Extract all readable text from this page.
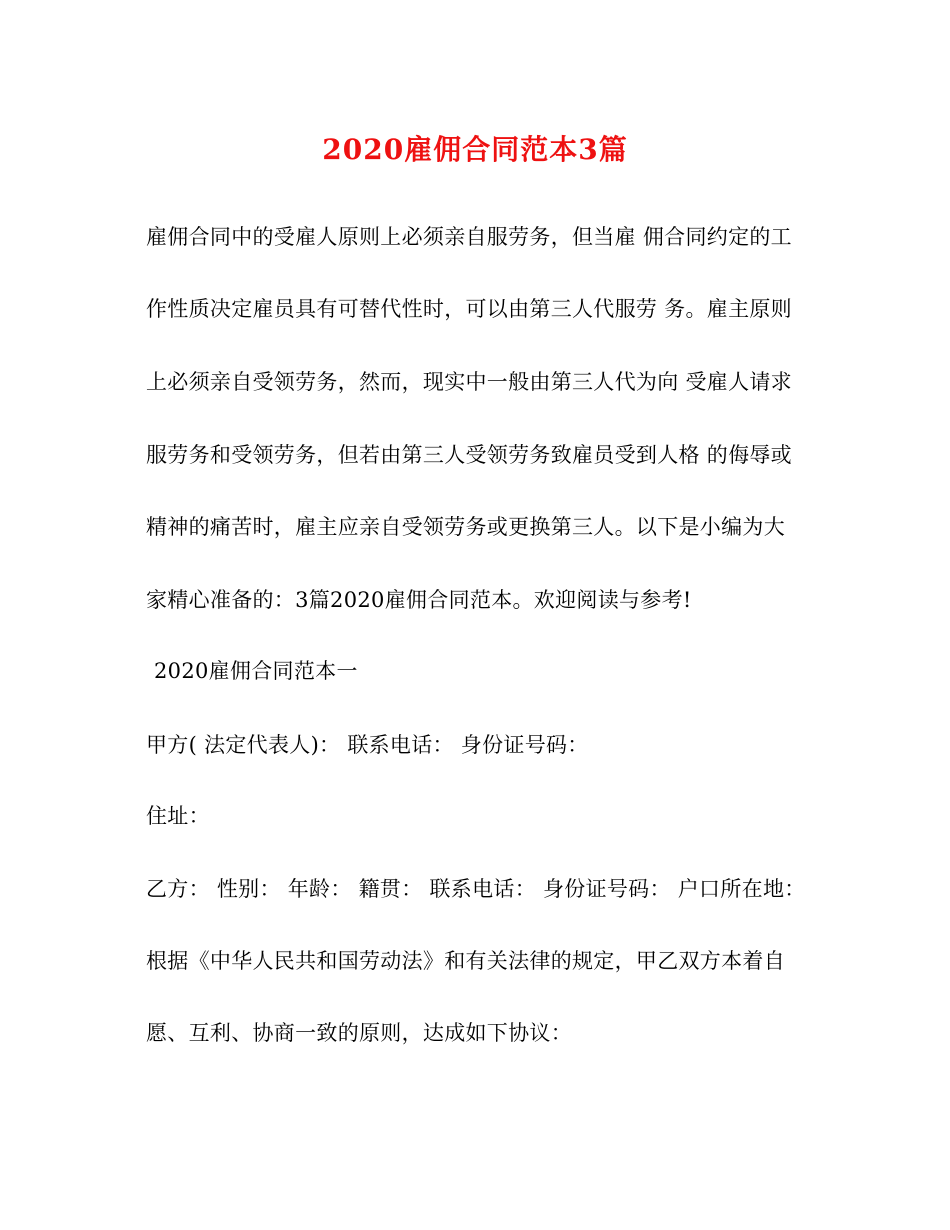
2020雇佣合同范本3篇
雇佣合同中的受雇人原则上必须亲自服劳务，但当雇 佣合同约定的工
作性质决定雇员具有可替代性时，可以由第三人代服劳 务。雇主原则
上必须亲自受领劳务，然而，现实中一般由第三人代为向 受雇人请求
服劳务和受领劳务，但若由第三人受领劳务致雇员受到人格 的侮辱或
精神的痛苦时，雇主应亲自受领劳务或更换第三人。以下是小编为大
家精心准备的：3篇2020雇佣合同范本。欢迎阅读与参考!
2020雇佣合同范本一
甲方( 法定代表人)： 联系电话： 身份证号码：
住址：
乙方： 性别： 年龄： 籍贯： 联系电话： 身份证号码： 户口所在地：
根据《中华人民共和国劳动法》和有关法律的规定，甲乙双方本着自
愿、互利、协商一致的原则，达成如下协议：
